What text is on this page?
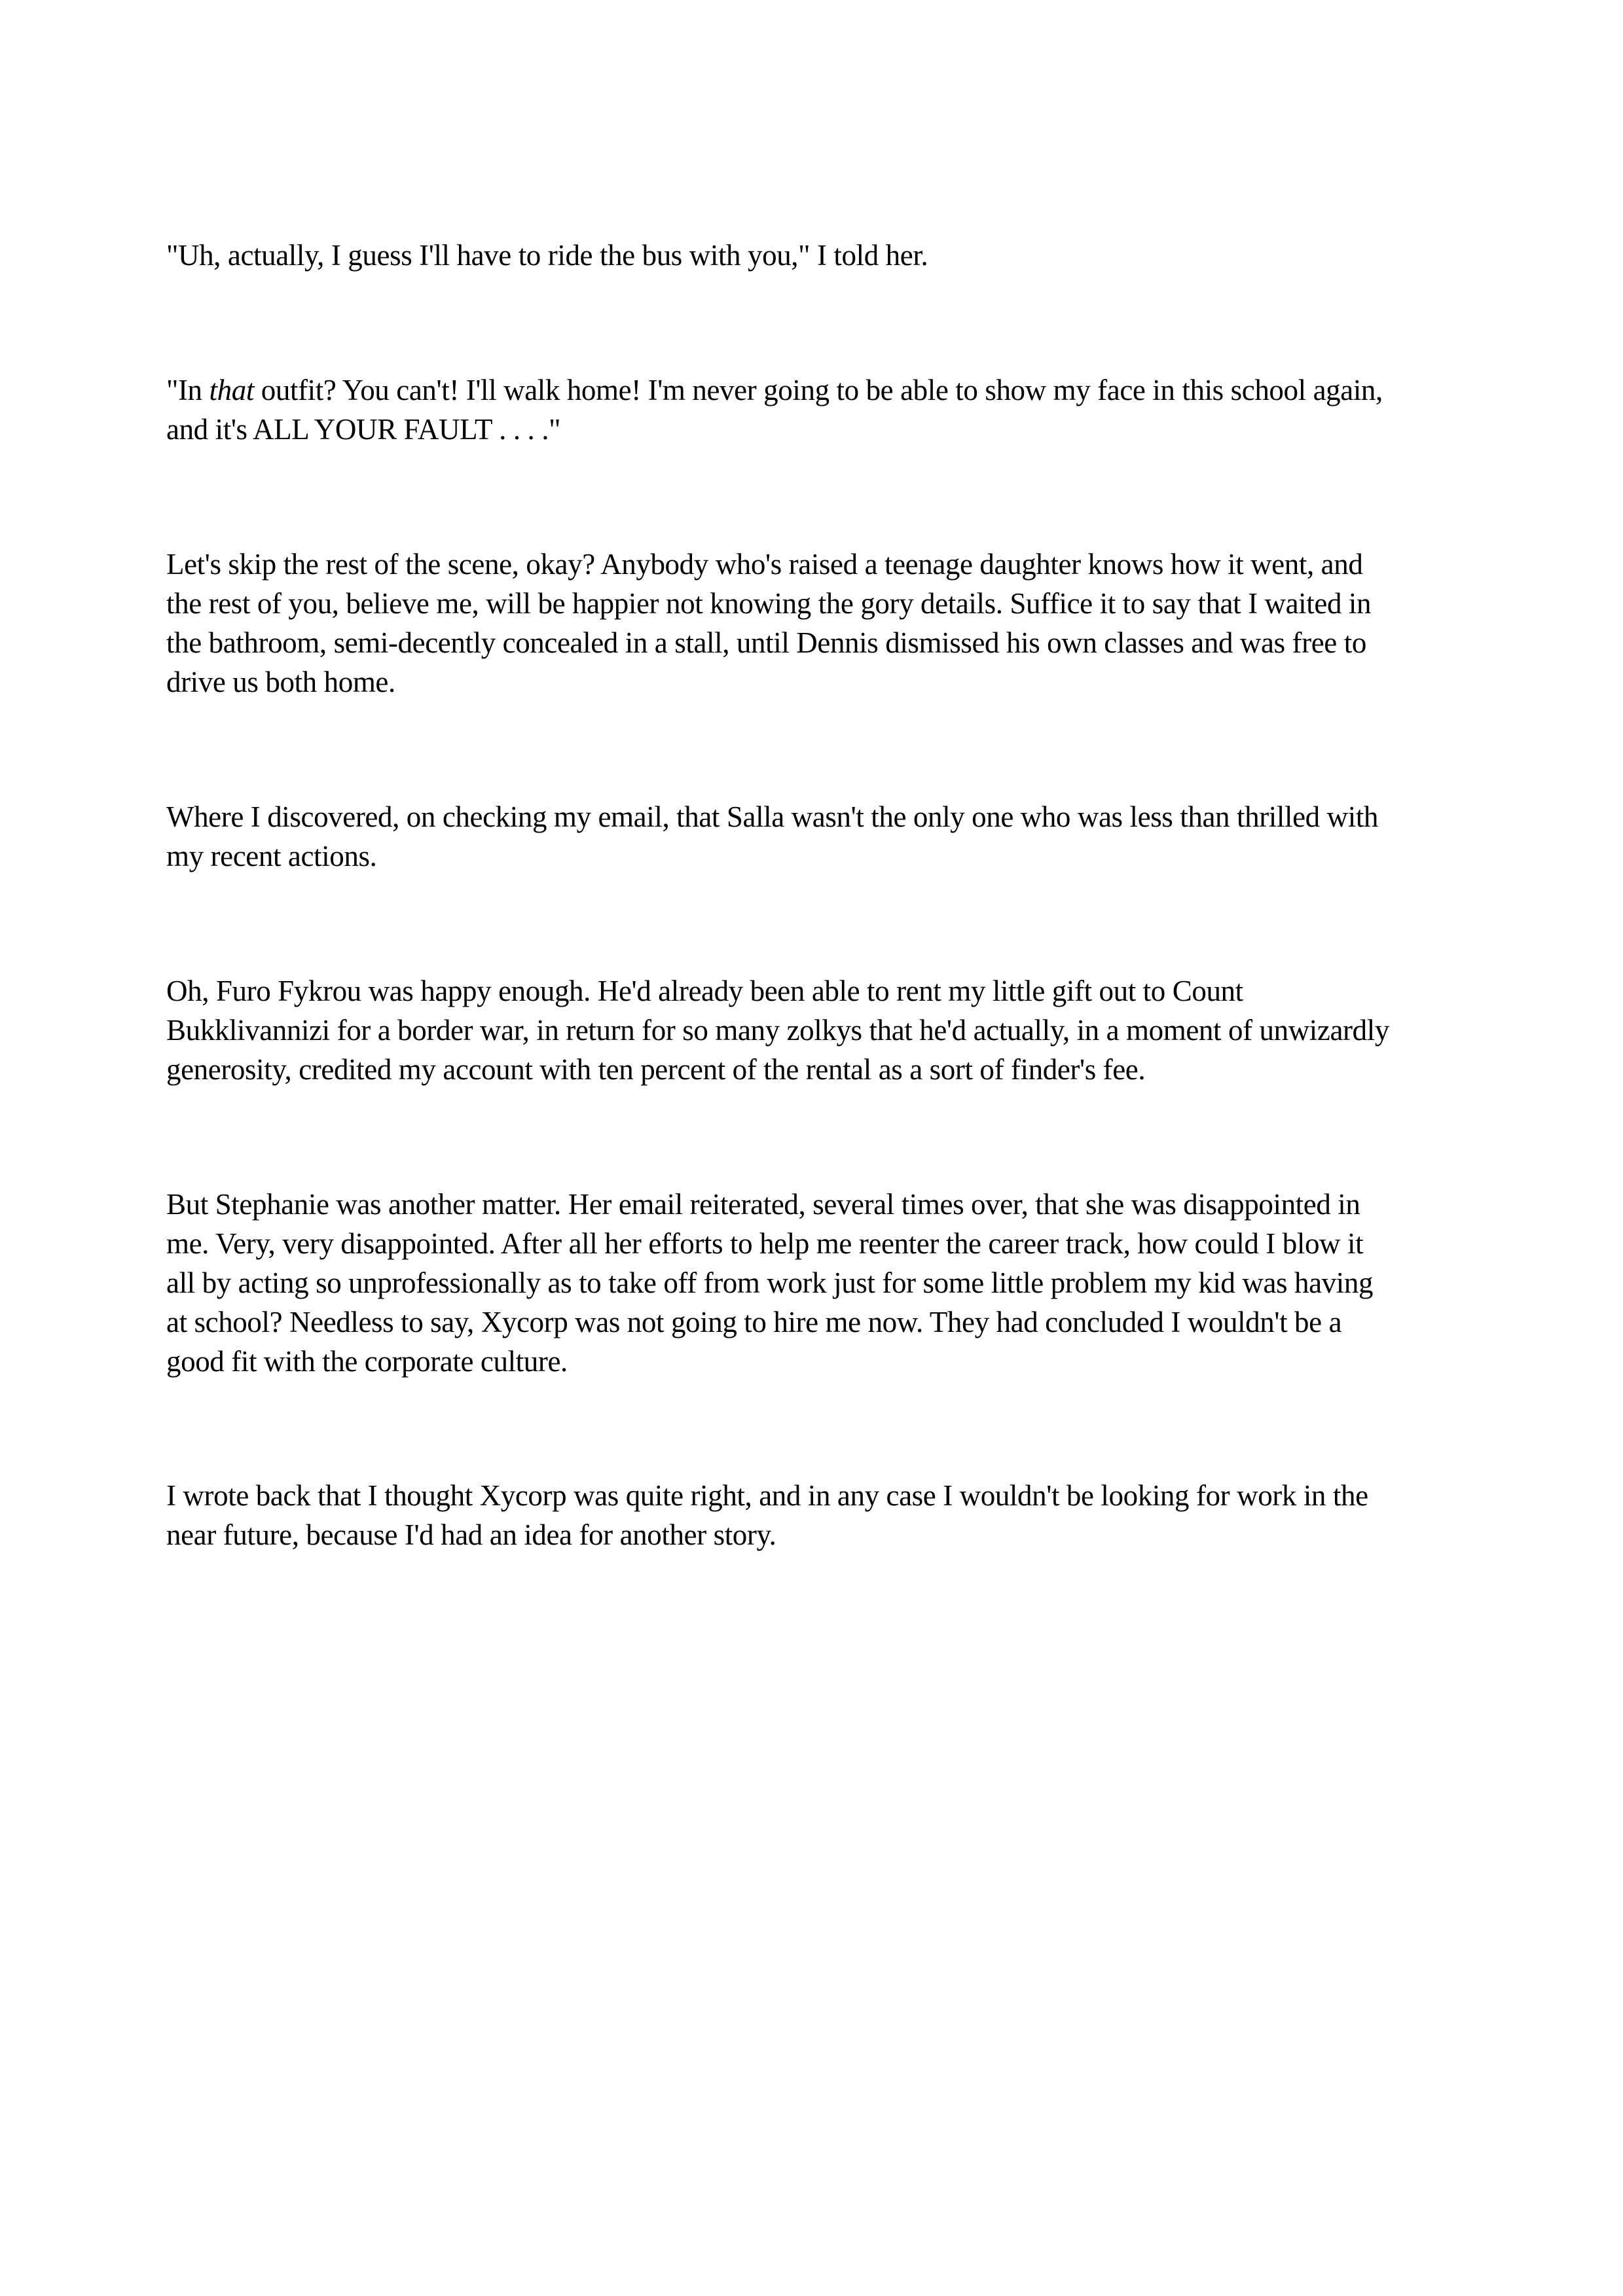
"Uh, actually, I guess I'll have to ride the bus with you," I told her.

"In that outfit? You can't! I'll walk home! I'm never going to be able to show my face in this school again,
and it's ALL YOUR FAULT . . . ."

Let's skip the rest of the scene, okay? Anybody who's raised a teenage daughter knows how it went, and
the rest of you, believe me, will be happier not knowing the gory details. Suffice it to say that I waited in
the bathroom, semi-decently concealed in a stall, until Dennis dismissed his own classes and was free to
drive us both home.

Where I discovered, on checking my email, that Salla wasn't the only one who was less than thrilled with
my recent actions.

Oh, Furo Fykrou was happy enough. He'd already been able to rent my little gift out to Count
Bukklivannizi for a border war, in return for so many zolkys that he'd actually, in a moment of unwizardly
generosity, credited my account with ten percent of the rental as a sort of finder's fee.

But Stephanie was another matter. Her email reiterated, several times over, that she was disappointed in
me. Very, very disappointed. After all her efforts to help me reenter the career track, how could I blow it
all by acting so unprofessionally as to take off from work just for some little problem my kid was having
at school? Needless to say, Xycorp was not going to hire me now. They had concluded I wouldn't be a
good fit with the corporate culture.

I wrote back that I thought Xycorp was quite right, and in any case I wouldn't be looking for work in the
near future, because I'd had an idea for another story.
